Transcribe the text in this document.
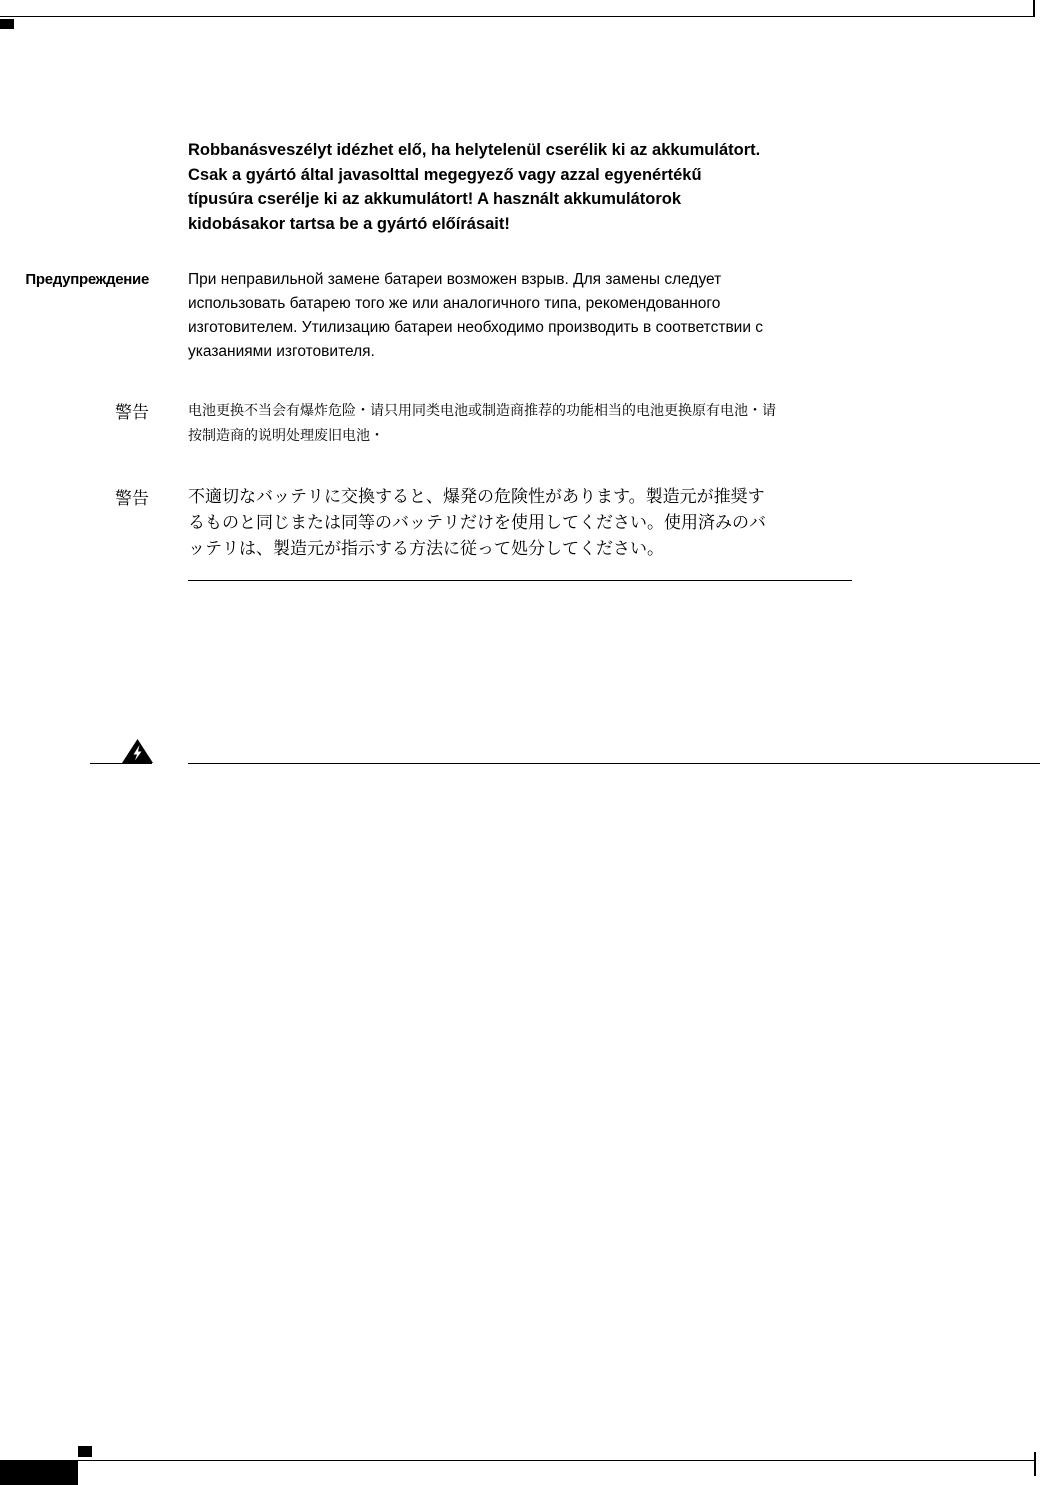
Robbanásveszélyt idézhet elő, ha helytelenül cserélik ki az akkumulátort.
Csak a gyártó által javasolttal megegyező vagy azzal egyenértékű
típusúra cserélje ki az akkumulátort! A használt akkumulátorok
kidobásakor tartsa be a gyártó előírásait!
Предупреждение	При неправильной замене батареи возможен взрыв. Для замены следует
использовать батарею того же или аналогичного типа, рекомендованного
изготовителем. Утилизацию батареи необходимо производить в соответствии с
указаниями изготовителя.
警告	电池更换不当会有爆炸危险・请只用同类电池或制造商推荐的功能相当的电池更换原有电池・请
按制造商的说明处理废旧电池・
警告 不適切なバッテリに交換すると、爆発の危険性があります。製造元が推奨す
るものと同じまたは同等のバッテリだけを使用してください。使用済みのバ
ッテリは、製造元が指示する方法に従って処分してください。
